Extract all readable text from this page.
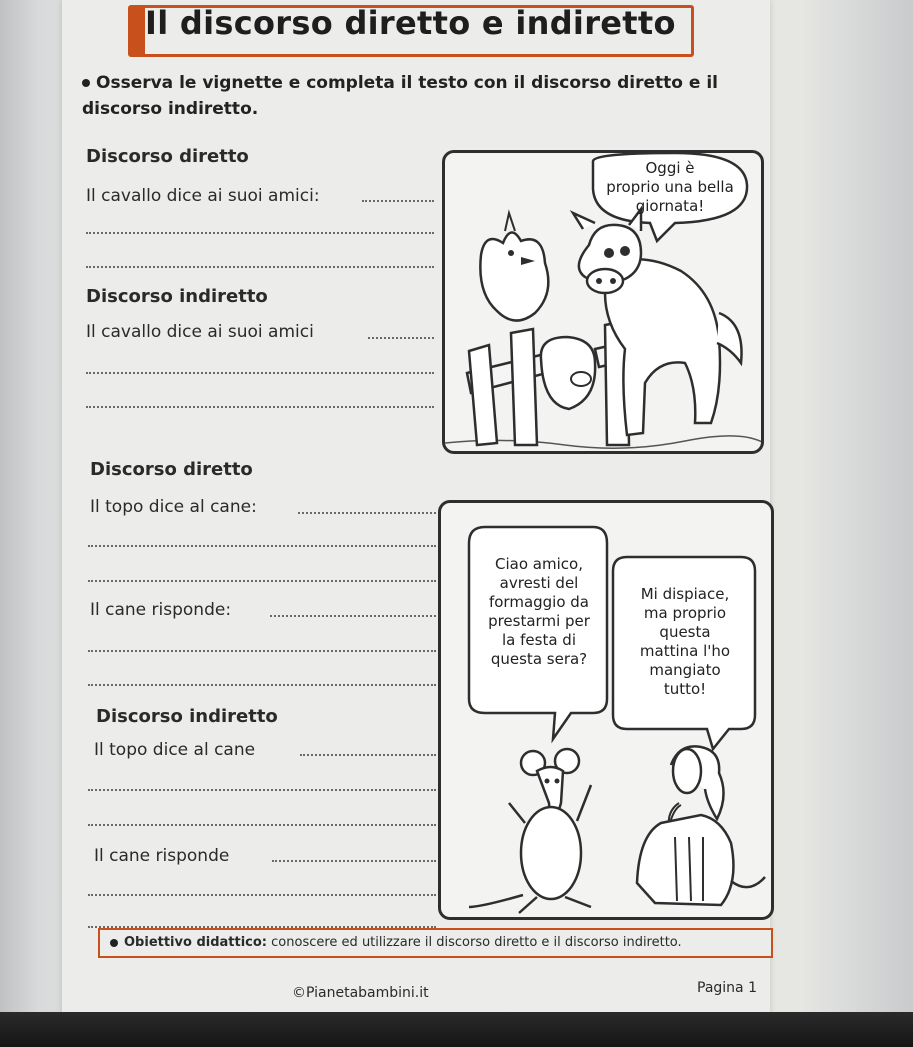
Il discorso diretto e indiretto
Osserva le vignette e completa il testo con il discorso diretto e il discorso indiretto.
Discorso diretto
Il cavallo dice ai suoi amici:
Discorso indiretto
Il cavallo dice ai suoi amici
Oggi è
proprio una bella
giornata!
Discorso diretto
Il topo dice al cane:
Il cane risponde:
Discorso indiretto
Il topo dice al cane
Il cane risponde
Ciao amico,
avresti del
formaggio da
prestarmi per
la festa di
questa sera?
Mi dispiace,
ma proprio
questa
mattina l'ho
mangiato
tutto!
Obiettivo didattico: conoscere ed utilizzare il discorso diretto e il discorso indiretto.
©Pianetabambini.it	Pagina 1
